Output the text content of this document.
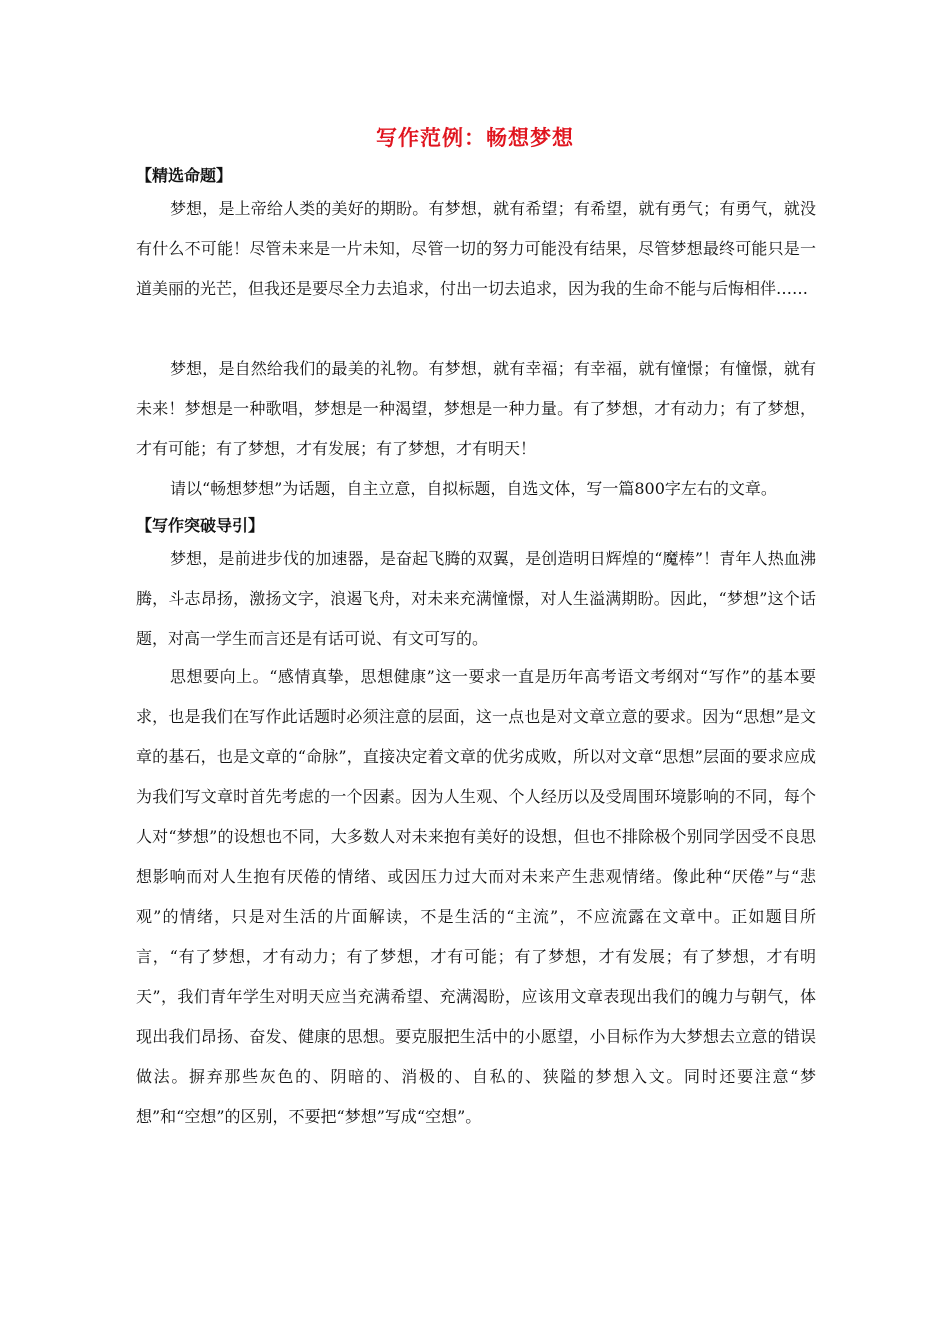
写作范例：畅想梦想
【精选命题】

梦想，是上帝给人类的美好的期盼。有梦想，就有希望；有希望，就有勇气；有勇气，就没有什么不可能！尽管未来是一片未知，尽管一切的努力可能没有结果，尽管梦想最终可能只是一道美丽的光芒，但我还是要尽全力去追求，付出一切去追求，因为我的生命不能与后悔相伴……

梦想，是自然给我们的最美的礼物。有梦想，就有幸福；有幸福，就有憧憬；有憧憬，就有未来！梦想是一种歌唱，梦想是一种渴望，梦想是一种力量。有了梦想，才有动力；有了梦想，才有可能；有了梦想，才有发展；有了梦想，才有明天！

请以“畅想梦想”为话题，自主立意，自拟标题，自选文体，写一篇800字左右的文章。

【写作突破导引】

梦想，是前进步伐的加速器，是奋起飞腾的双翼，是创造明日辉煌的“魔棒”！青年人热血沸腾，斗志昂扬，激扬文字，浪遏飞舟，对未来充满憧憬，对人生溢满期盼。因此，“梦想”这个话题，对高一学生而言还是有话可说、有文可写的。

思想要向上。“感情真挚，思想健康”这一要求一直是历年高考语文考纲对“写作”的基本要求，也是我们在写作此话题时必须注意的层面，这一点也是对文章立意的要求。因为“思想”是文章的基石，也是文章的“命脉”，直接决定着文章的优劣成败，所以对文章“思想”层面的要求应成为我们写文章时首先考虑的一个因素。因为人生观、个人经历以及受周围环境影响的不同，每个人对“梦想”的设想也不同，大多数人对未来抱有美好的设想，但也不排除极个别同学因受不良思想影响而对人生抱有厌倦的情绪、或因压力过大而对未来产生悲观情绪。像此种“厌倦”与“悲观”的情绪，只是对生活的片面解读，不是生活的“主流”，不应流露在文章中。正如题目所言，“有了梦想，才有动力；有了梦想，才有可能；有了梦想，才有发展；有了梦想，才有明天”，我们青年学生对明天应当充满希望、充满渴盼，应该用文章表现出我们的魄力与朝气，体现出我们昂扬、奋发、健康的思想。要克服把生活中的小愿望，小目标作为大梦想去立意的错误做法。摒弃那些灰色的、阴暗的、消极的、自私的、狭隘的梦想入文。同时还要注意“梦想”和“空想”的区别，不要把“梦想”写成“空想”。
